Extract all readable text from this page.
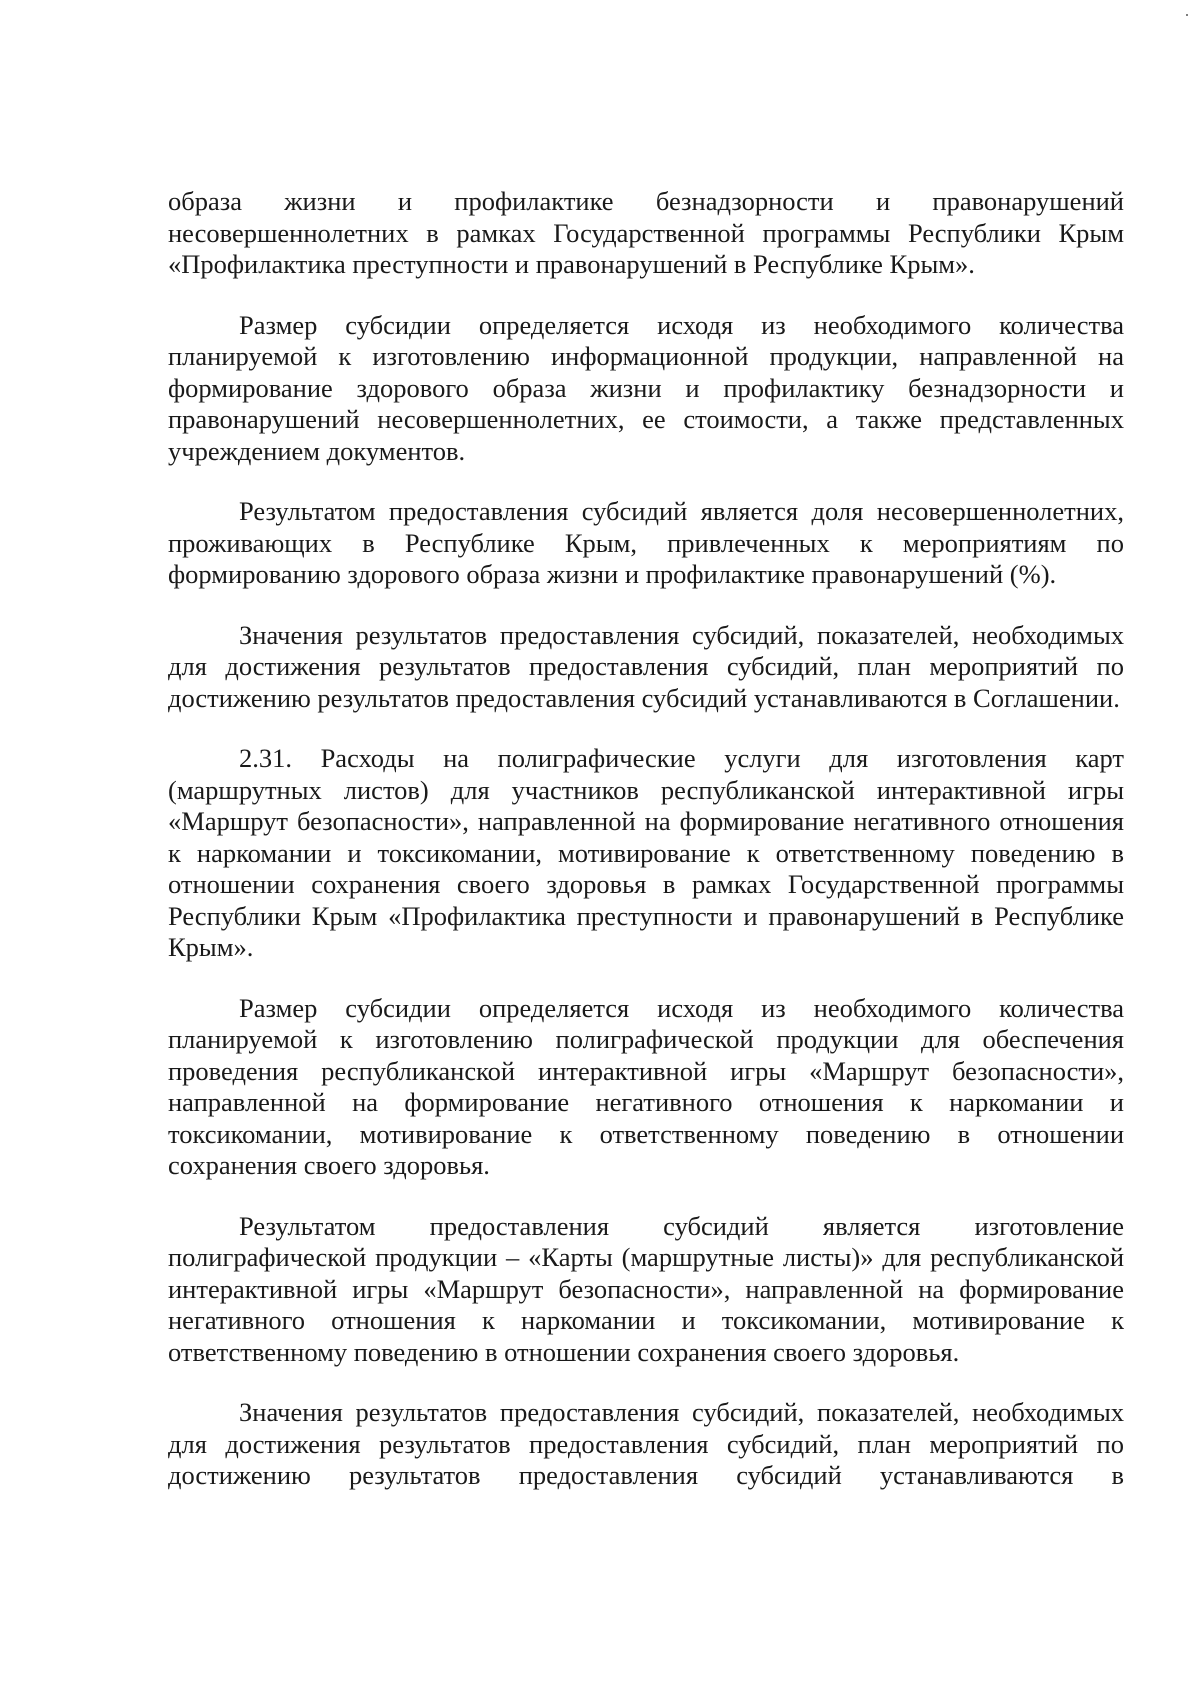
образа жизни и профилактике безнадзорности и правонарушений несовершеннолетних в рамках Государственной программы Республики Крым «Профилактика преступности и правонарушений в Республике Крым».

Размер субсидии определяется исходя из необходимого количества планируемой к изготовлению информационной продукции, направленной на формирование здорового образа жизни и профилактику безнадзорности и правонарушений несовершеннолетних, ее стоимости, а также представленных учреждением документов.

Результатом предоставления субсидий является доля несовершеннолетних, проживающих в Республике Крым, привлеченных к мероприятиям по формированию здорового образа жизни и профилактике правонарушений (%).

Значения результатов предоставления субсидий, показателей, необходимых для достижения результатов предоставления субсидий, план мероприятий по достижению результатов предоставления субсидий устанавливаются в Соглашении.

2.31. Расходы на полиграфические услуги для изготовления карт (маршрутных листов) для участников республиканской интерактивной игры «Маршрут безопасности», направленной на формирование негативного отношения к наркомании и токсикомании, мотивирование к ответственному поведению в отношении сохранения своего здоровья в рамках Государственной программы Республики Крым «Профилактика преступности и правонарушений в Республике Крым».

Размер субсидии определяется исходя из необходимого количества планируемой к изготовлению полиграфической продукции для обеспечения проведения республиканской интерактивной игры «Маршрут безопасности», направленной на формирование негативного отношения к наркомании и токсикомании, мотивирование к ответственному поведению в отношении сохранения своего здоровья.

Результатом предоставления субсидий является изготовление полиграфической продукции – «Карты (маршрутные листы)» для республиканской интерактивной игры «Маршрут безопасности», направленной на формирование негативного отношения к наркомании и токсикомании, мотивирование к ответственному поведению в отношении сохранения своего здоровья.

Значения результатов предоставления субсидий, показателей, необходимых для достижения результатов предоставления субсидий, план мероприятий по достижению результатов предоставления субсидий устанавливаются в
